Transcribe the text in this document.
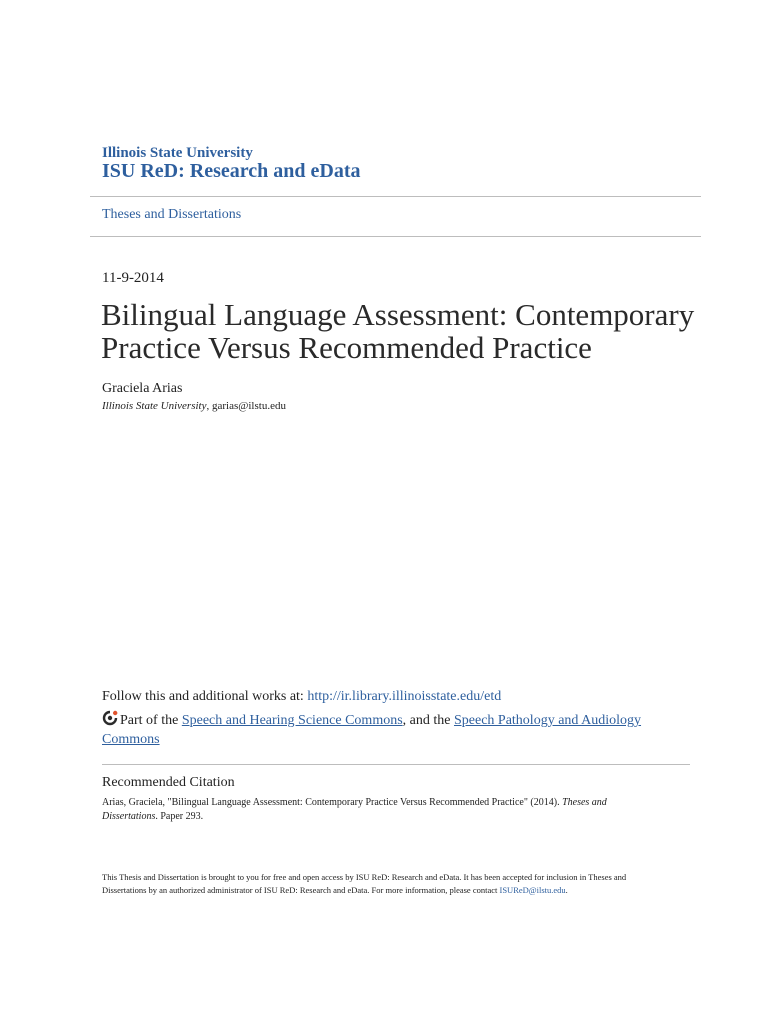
Illinois State University
ISU ReD: Research and eData
Theses and Dissertations
11-9-2014
Bilingual Language Assessment: Contemporary Practice Versus Recommended Practice
Graciela Arias
Illinois State University, garias@ilstu.edu
Follow this and additional works at: http://ir.library.illinoisstate.edu/etd
Part of the Speech and Hearing Science Commons, and the Speech Pathology and Audiology Commons
Recommended Citation
Arias, Graciela, "Bilingual Language Assessment: Contemporary Practice Versus Recommended Practice" (2014). Theses and Dissertations. Paper 293.
This Thesis and Dissertation is brought to you for free and open access by ISU ReD: Research and eData. It has been accepted for inclusion in Theses and Dissertations by an authorized administrator of ISU ReD: Research and eData. For more information, please contact ISUReD@ilstu.edu.
